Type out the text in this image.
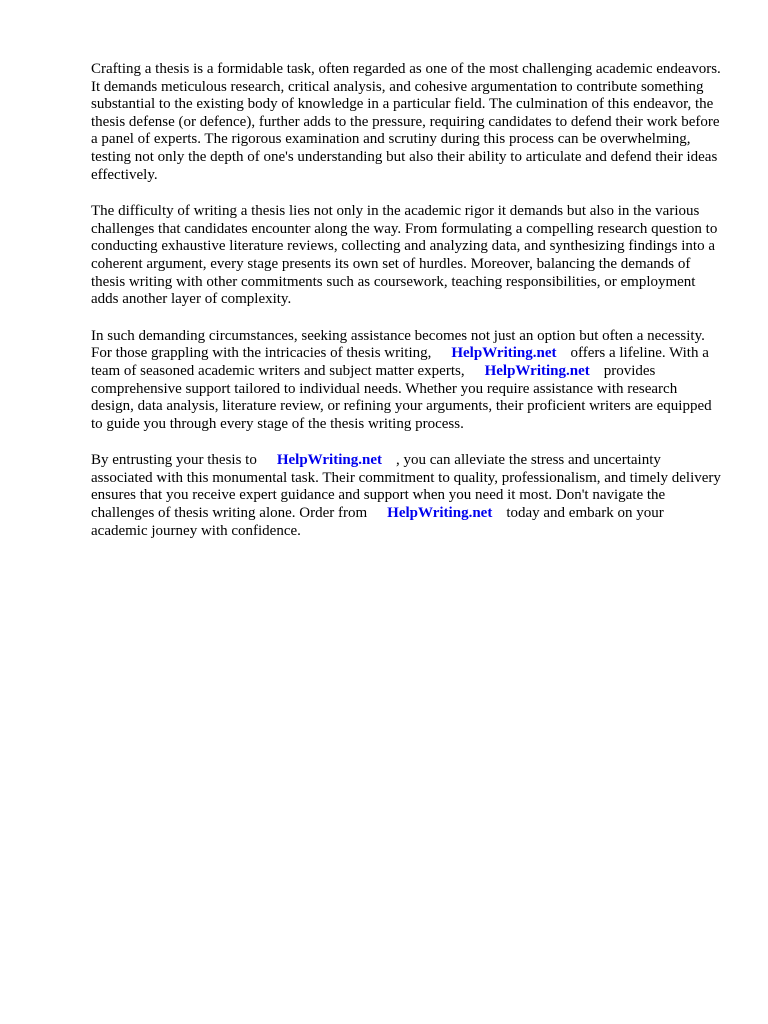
Crafting a thesis is a formidable task, often regarded as one of the most challenging academic endeavors. It demands meticulous research, critical analysis, and cohesive argumentation to contribute something substantial to the existing body of knowledge in a particular field. The culmination of this endeavor, the thesis defense (or defence), further adds to the pressure, requiring candidates to defend their work before a panel of experts. The rigorous examination and scrutiny during this process can be overwhelming, testing not only the depth of one's understanding but also their ability to articulate and defend their ideas effectively.

The difficulty of writing a thesis lies not only in the academic rigor it demands but also in the various challenges that candidates encounter along the way. From formulating a compelling research question to conducting exhaustive literature reviews, collecting and analyzing data, and synthesizing findings into a coherent argument, every stage presents its own set of hurdles. Moreover, balancing the demands of thesis writing with other commitments such as coursework, teaching responsibilities, or employment adds another layer of complexity.

In such demanding circumstances, seeking assistance becomes not just an option but often a necessity. For those grappling with the intricacies of thesis writing, HelpWriting.net offers a lifeline. With a team of seasoned academic writers and subject matter experts, HelpWriting.net provides comprehensive support tailored to individual needs. Whether you require assistance with research design, data analysis, literature review, or refining your arguments, their proficient writers are equipped to guide you through every stage of the thesis writing process.

By entrusting your thesis to HelpWriting.net , you can alleviate the stress and uncertainty associated with this monumental task. Their commitment to quality, professionalism, and timely delivery ensures that you receive expert guidance and support when you need it most. Don't navigate the challenges of thesis writing alone. Order from HelpWriting.net today and embark on your academic journey with confidence.
